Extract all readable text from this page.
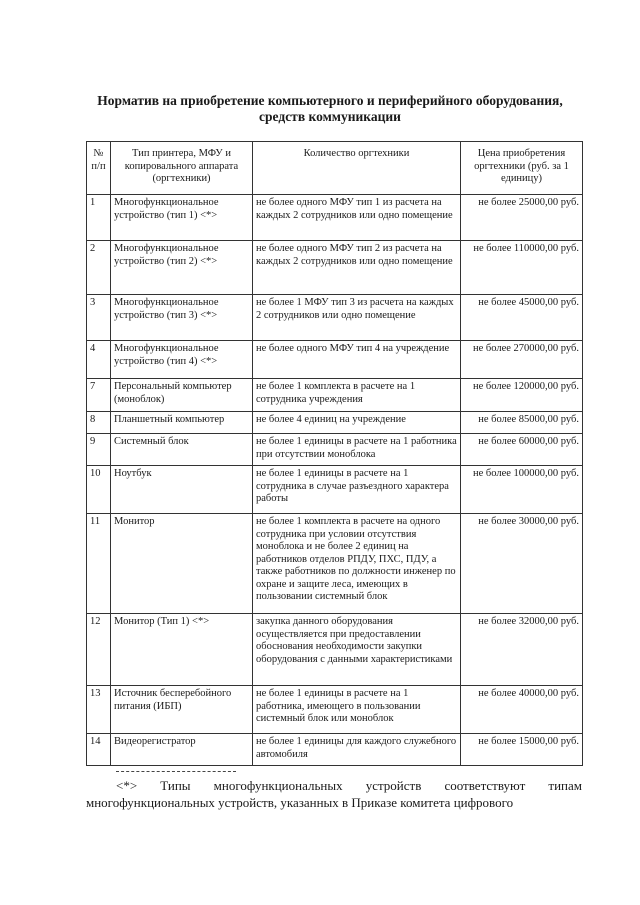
Норматив на приобретение компьютерного и периферийного оборудования,
средств коммуникации
№ п/п	Тип принтера, МФУ и копировального аппарата (оргтехники)	Количество оргтехники	Цена приобретения оргтехники (руб. за 1 единицу)
1	Многофункциональное устройство (тип 1) <*>	не более одного МФУ тип 1 из расчета на каждых 2 сотрудников или одно помещение	не более 25000,00 руб.
2	Многофункциональное устройство (тип 2) <*>	не более одного МФУ тип 2 из расчета на каждых 2 сотрудников или одно помещение	не более 110000,00 руб.
3	Многофункциональное устройство (тип 3) <*>	не более 1 МФУ тип 3 из расчета на каждых 2 сотрудников или одно помещение	не более 45000,00 руб.
4	Многофункциональное устройство (тип 4) <*>	не более одного МФУ тип 4 на учреждение	не более 270000,00 руб.
7	Персональный компьютер (моноблок)	не более 1 комплекта в расчете на 1 сотрудника учреждения	не более 120000,00 руб.
8	Планшетный компьютер	не более 4 единиц на учреждение	не более 85000,00 руб.
9	Системный блок	не более 1 единицы в расчете на 1 работника при отсутствии моноблока	не более 60000,00 руб.
10	Ноутбук	не более 1 единицы в расчете на 1 сотрудника в случае разъездного характера работы	не более 100000,00 руб.
11	Монитор	не более 1 комплекта в расчете на одного сотрудника при условии отсутствия моноблока и не более 2 единиц на работников отделов РПДУ, ПХС, ПДУ, а также работников по должности инженер по охране и защите леса, имеющих в пользовании системный блок	не более 30000,00 руб.
12	Монитор (Тип 1) <*>	закупка данного оборудования осуществляется при предоставлении обоснования необходимости закупки оборудования с данными характеристиками	не более 32000,00 руб.
13	Источник бесперебойного питания (ИБП)	не более 1 единицы в расчете на 1 работника, имеющего в пользовании системный блок или моноблок	не более 40000,00 руб.
14	Видеорегистратор	не более 1 единицы для каждого служебного автомобиля	не более 15000,00 руб.
<*> Типы многофункциональных устройств соответствуют типам многофункциональных устройств, указанных в Приказе комитета цифрового
